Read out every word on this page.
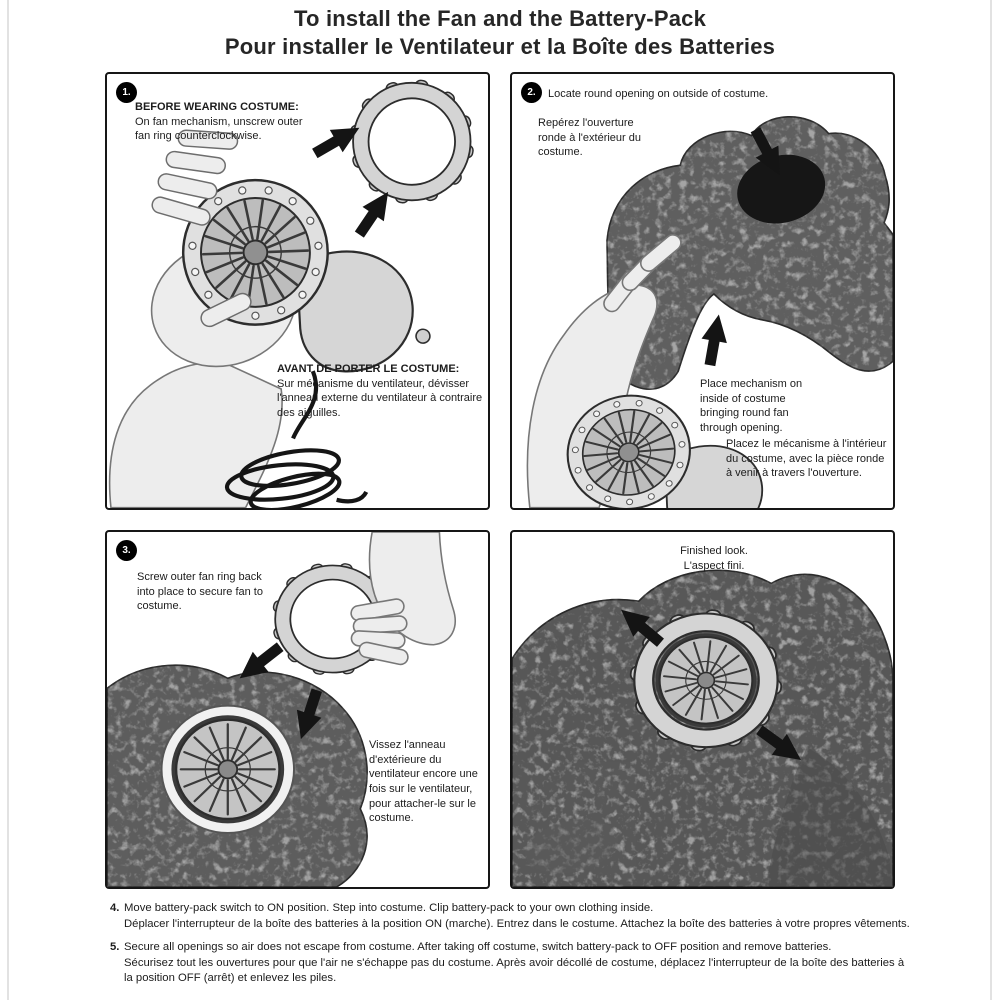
To install the Fan and the Battery-Pack
Pour installer le Ventilateur et la Boîte des Batteries
1.
BEFORE WEARING COSTUME:
On fan mechanism, unscrew outer fan ring counterclockwise.
AVANT DE PORTER LE COSTUME:
Sur mécanisme du ventilateur, dévisser l'anneau externe du ventilateur à contraire des aiguilles.
2.	Locate round opening on outside of costume.
Repérez l'ouverture ronde à l'extérieur du costume.
Place mechanism on inside of costume bringing round fan through opening.
Placez le mécanisme à l'intérieur du costume, avec la pièce ronde à venir à travers l'ouverture.
3.
Screw outer fan ring back into place to secure fan to costume.
Vissez l'anneau d'extérieure du ventilateur encore une fois sur le ventilateur, pour attacher-le sur le costume.
Finished look.
L'aspect fini.
4. Move battery-pack switch to ON position. Step into costume. Clip battery-pack to your own clothing inside.
Déplacer l'interrupteur de la boîte des batteries à la position ON (marche). Entrez dans le costume. Attachez la boîte des batteries à votre propres vêtements.
5. Secure all openings so air does not escape from costume. After taking off costume, switch battery-pack to OFF position and remove batteries.
Sécurisez tout les ouvertures pour que l'air ne s'échappe pas du costume. Après avoir décollé de costume, déplacez l'interrupteur de la boîte des batteries à la position OFF (arrêt) et enlevez les piles.
